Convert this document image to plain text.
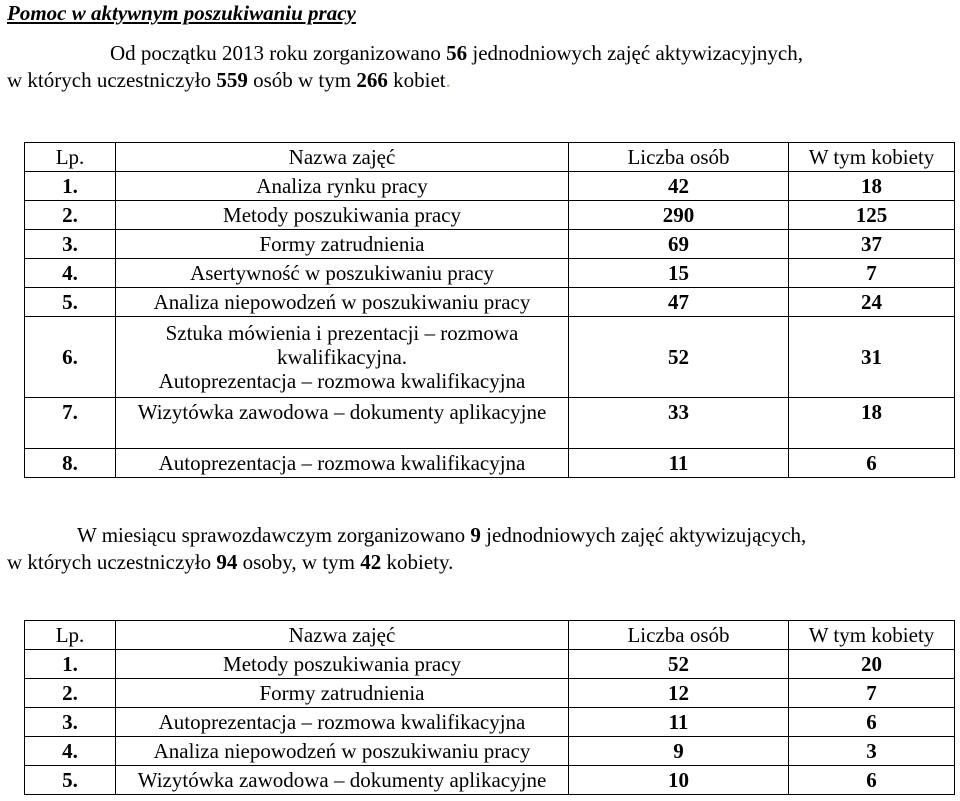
Pomoc w aktywnym poszukiwaniu pracy
Od początku 2013 roku zorganizowano 56 jednodniowych zajęć aktywizacyjnych,
w których uczestniczyło 559 osób w tym 266 kobiet.
Lp.	Nazwa zajęć	Liczba osób	W tym kobiety
1.	Analiza rynku pracy	42	18
2.	Metody poszukiwania pracy	290	125
3.	Formy zatrudnienia	69	37
4.	Asertywność w poszukiwaniu pracy	15	7
5.	Analiza niepowodzeń w poszukiwaniu pracy	47	24
6.	Sztuka mówienia i prezentacji – rozmowa
kwalifikacyjna.
Autoprezentacja – rozmowa kwalifikacyjna	52	31
7.	Wizytówka zawodowa – dokumenty aplikacyjne	33	18
8.	Autoprezentacja – rozmowa kwalifikacyjna	11	6
W miesiącu sprawozdawczym zorganizowano 9 jednodniowych zajęć aktywizujących,
w których uczestniczyło 94 osoby, w tym 42 kobiety.
Lp.	Nazwa zajęć	Liczba osób	W tym kobiety
1.	Metody poszukiwania pracy	52	20
2.	Formy zatrudnienia	12	7
3.	Autoprezentacja – rozmowa kwalifikacyjna	11	6
4.	Analiza niepowodzeń w poszukiwaniu pracy	9	3
5.	Wizytówka zawodowa – dokumenty aplikacyjne	10	6
